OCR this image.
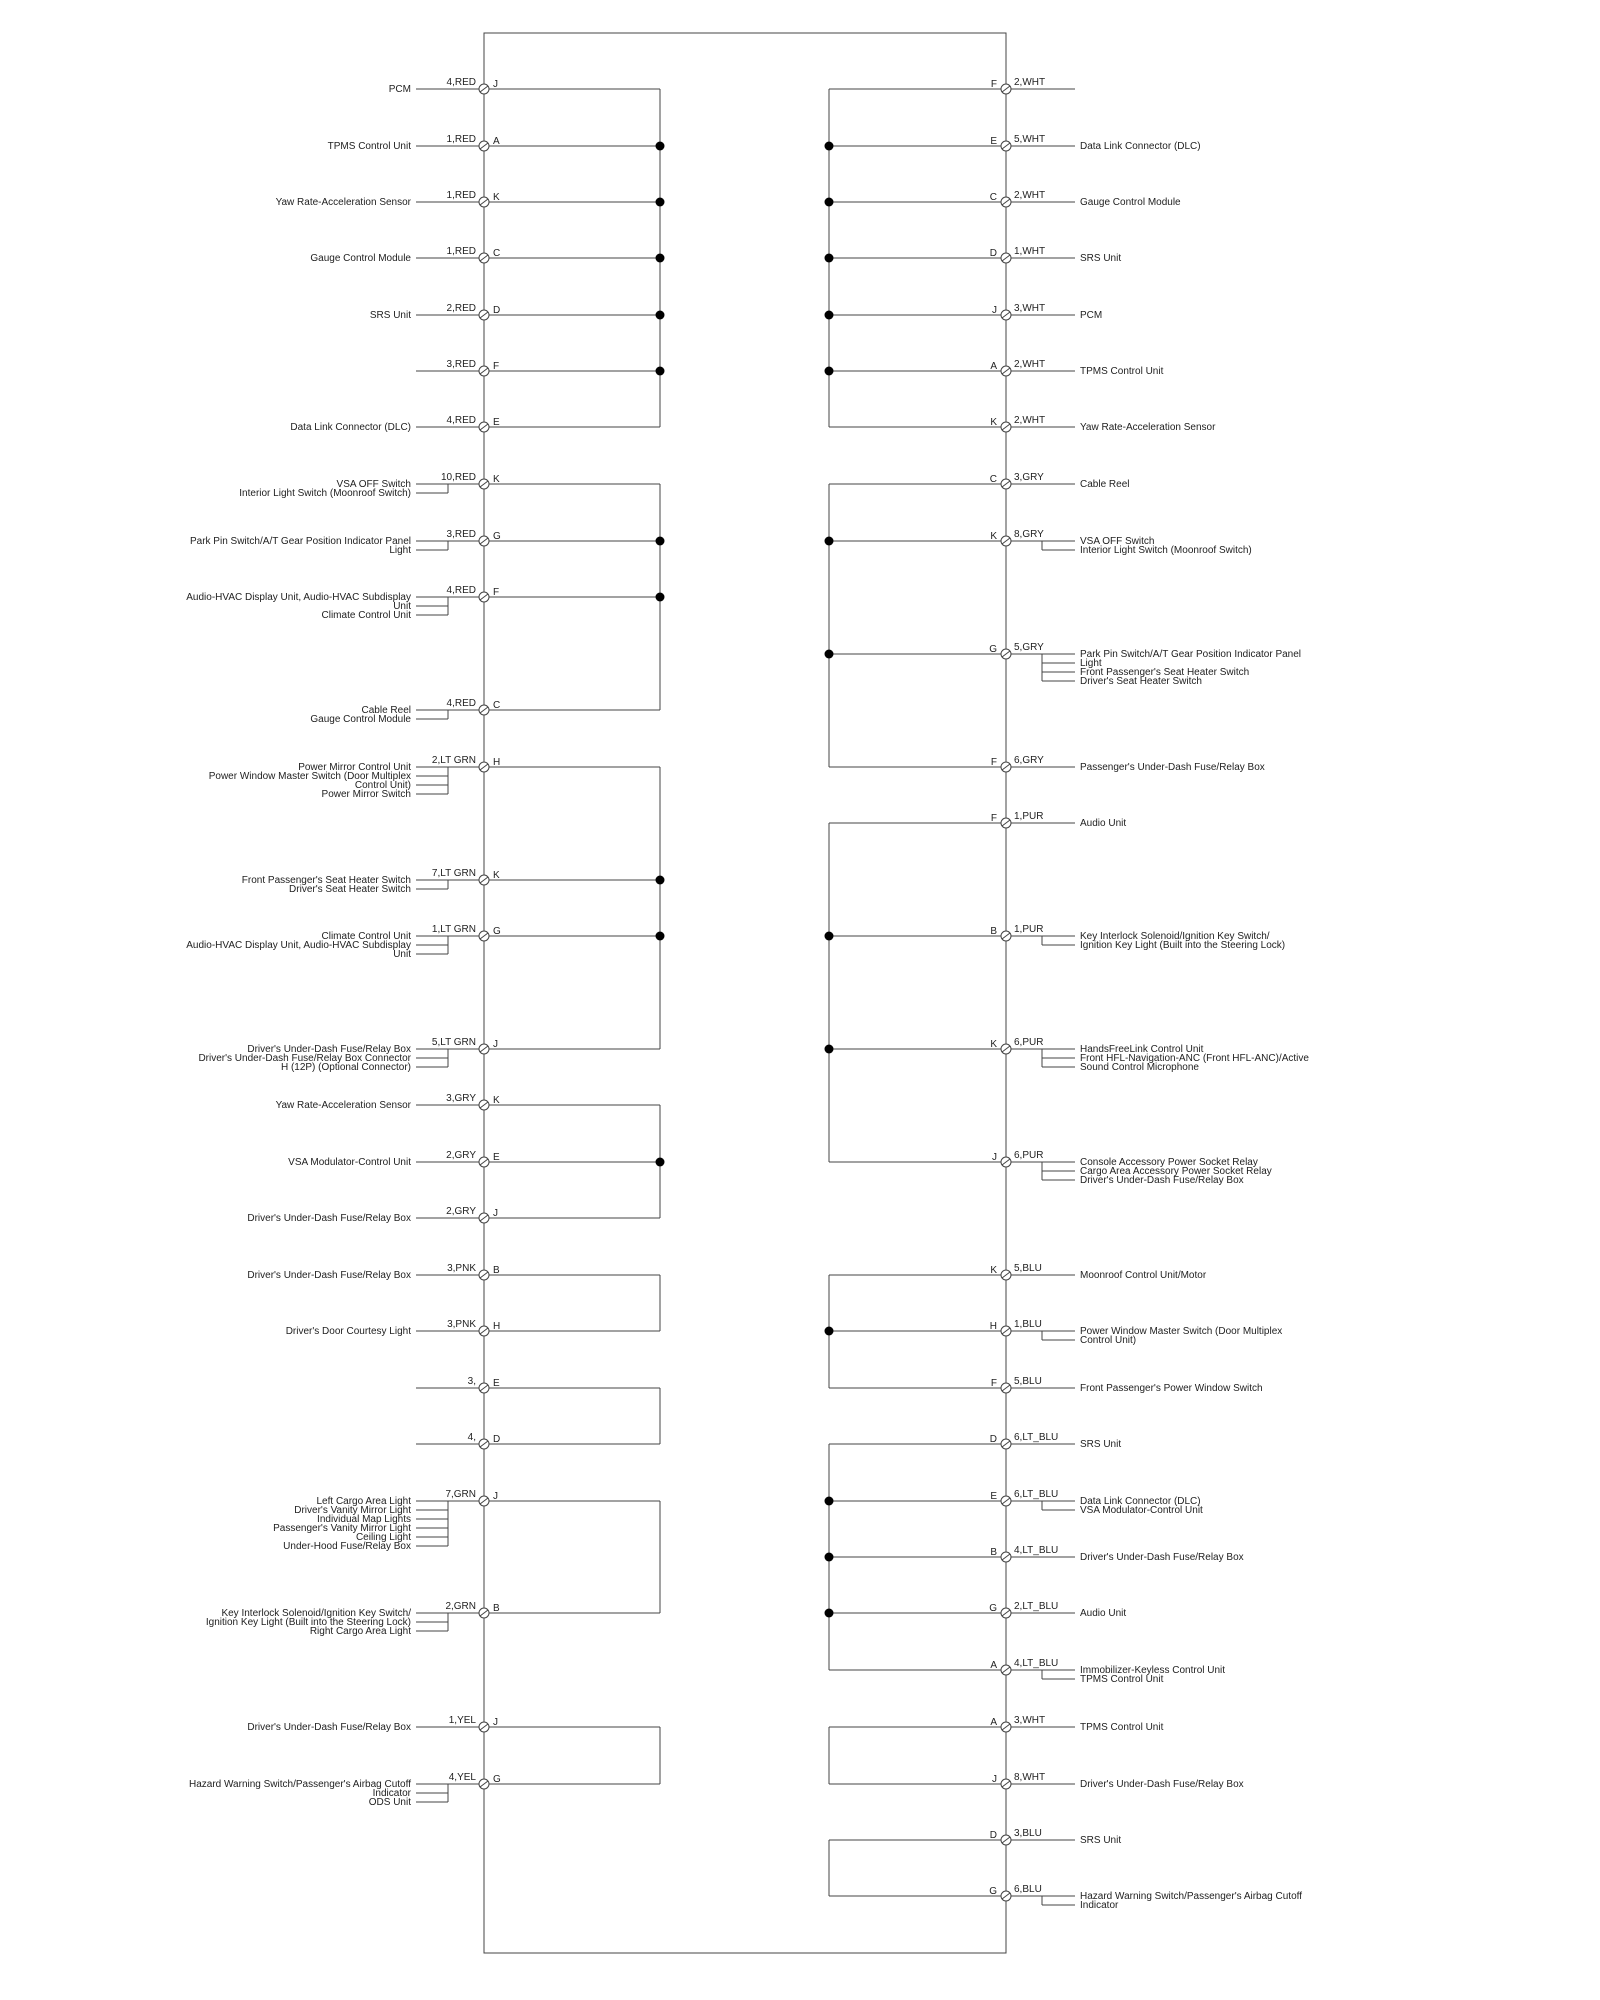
4,RED J
PCM
1,RED A
TPMS Control Unit
1,RED K
Yaw Rate-Acceleration Sensor
1,RED C
Gauge Control Module
2,RED D
SRS Unit
3,RED F
4,RED E
Data Link Connector (DLC)
10,RED K
VSA OFF Switch
Interior Light Switch (Moonroof Switch)
3,RED G
Park Pin Switch/A/T Gear Position Indicator Panel
Light
4,RED F
Audio-HVAC Display Unit, Audio-HVAC Subdisplay
Unit
Climate Control Unit
4,RED C
Cable Reel
Gauge Control Module
2,LT GRN H
Power Mirror Control Unit
Power Window Master Switch (Door Multiplex
Control Unit)
Power Mirror Switch
7,LT GRN K
Front Passenger's Seat Heater Switch
Driver's Seat Heater Switch
1,LT GRN G
Climate Control Unit
Audio-HVAC Display Unit, Audio-HVAC Subdisplay
Unit
5,LT GRN J
Driver's Under-Dash Fuse/Relay Box
Driver's Under-Dash Fuse/Relay Box Connector
H (12P) (Optional Connector)
3,GRY K
Yaw Rate-Acceleration Sensor
2,GRY E
VSA Modulator-Control Unit
2,GRY J
Driver's Under-Dash Fuse/Relay Box
3,PNK B
Driver's Under-Dash Fuse/Relay Box
3,PNK H
Driver's Door Courtesy Light
3, E
4, D
7,GRN J
Left Cargo Area Light
Driver's Vanity Mirror Light
Individual Map Lights
Passenger's Vanity Mirror Light
Ceiling Light
Under-Hood Fuse/Relay Box
2,GRN B
Key Interlock Solenoid/Ignition Key Switch/
Ignition Key Light (Built into the Steering Lock)
Right Cargo Area Light
1,YEL J
Driver's Under-Dash Fuse/Relay Box
4,YEL G
Hazard Warning Switch/Passenger's Airbag Cutoff
Indicator
ODS Unit
2,WHT
F
5,WHT
E	Data Link Connector (DLC)
2,WHT
C	Gauge Control Module
1,WHT
D	SRS Unit
3,WHT
J	PCM
2,WHT
A	TPMS Control Unit
2,WHT
K	Yaw Rate-Acceleration Sensor
3,GRY
C	Cable Reel
8,GRY
K	VSA OFF Switch
Interior Light Switch (Moonroof Switch)
5,GRY
G	Park Pin Switch/A/T Gear Position Indicator Panel
Light
Front Passenger's Seat Heater Switch
Driver's Seat Heater Switch
6,GRY
F	Passenger's Under-Dash Fuse/Relay Box
1,PUR
F	Audio Unit
1,PUR
B	Key Interlock Solenoid/Ignition Key Switch/
Ignition Key Light (Built into the Steering Lock)
6,PUR
K	HandsFreeLink Control Unit
Front HFL-Navigation-ANC (Front HFL-ANC)/Active
Sound Control Microphone
6,PUR
J	Console Accessory Power Socket Relay
Cargo Area Accessory Power Socket Relay
Driver's Under-Dash Fuse/Relay Box
5,BLU
K	Moonroof Control Unit/Motor
1,BLU
H	Power Window Master Switch (Door Multiplex
Control Unit)
5,BLU
F	Front Passenger's Power Window Switch
6,LT_BLU
D	SRS Unit
6,LT_BLU
E	Data Link Connector (DLC)
VSA Modulator-Control Unit
4,LT_BLU
B	Driver's Under-Dash Fuse/Relay Box
2,LT_BLU
G	Audio Unit
4,LT_BLU
A	Immobilizer-Keyless Control Unit
TPMS Control Unit
3,WHT
A	TPMS Control Unit
8,WHT
J	Driver's Under-Dash Fuse/Relay Box
3,BLU
D	SRS Unit
6,BLU
G	Hazard Warning Switch/Passenger's Airbag Cutoff
Indicator
